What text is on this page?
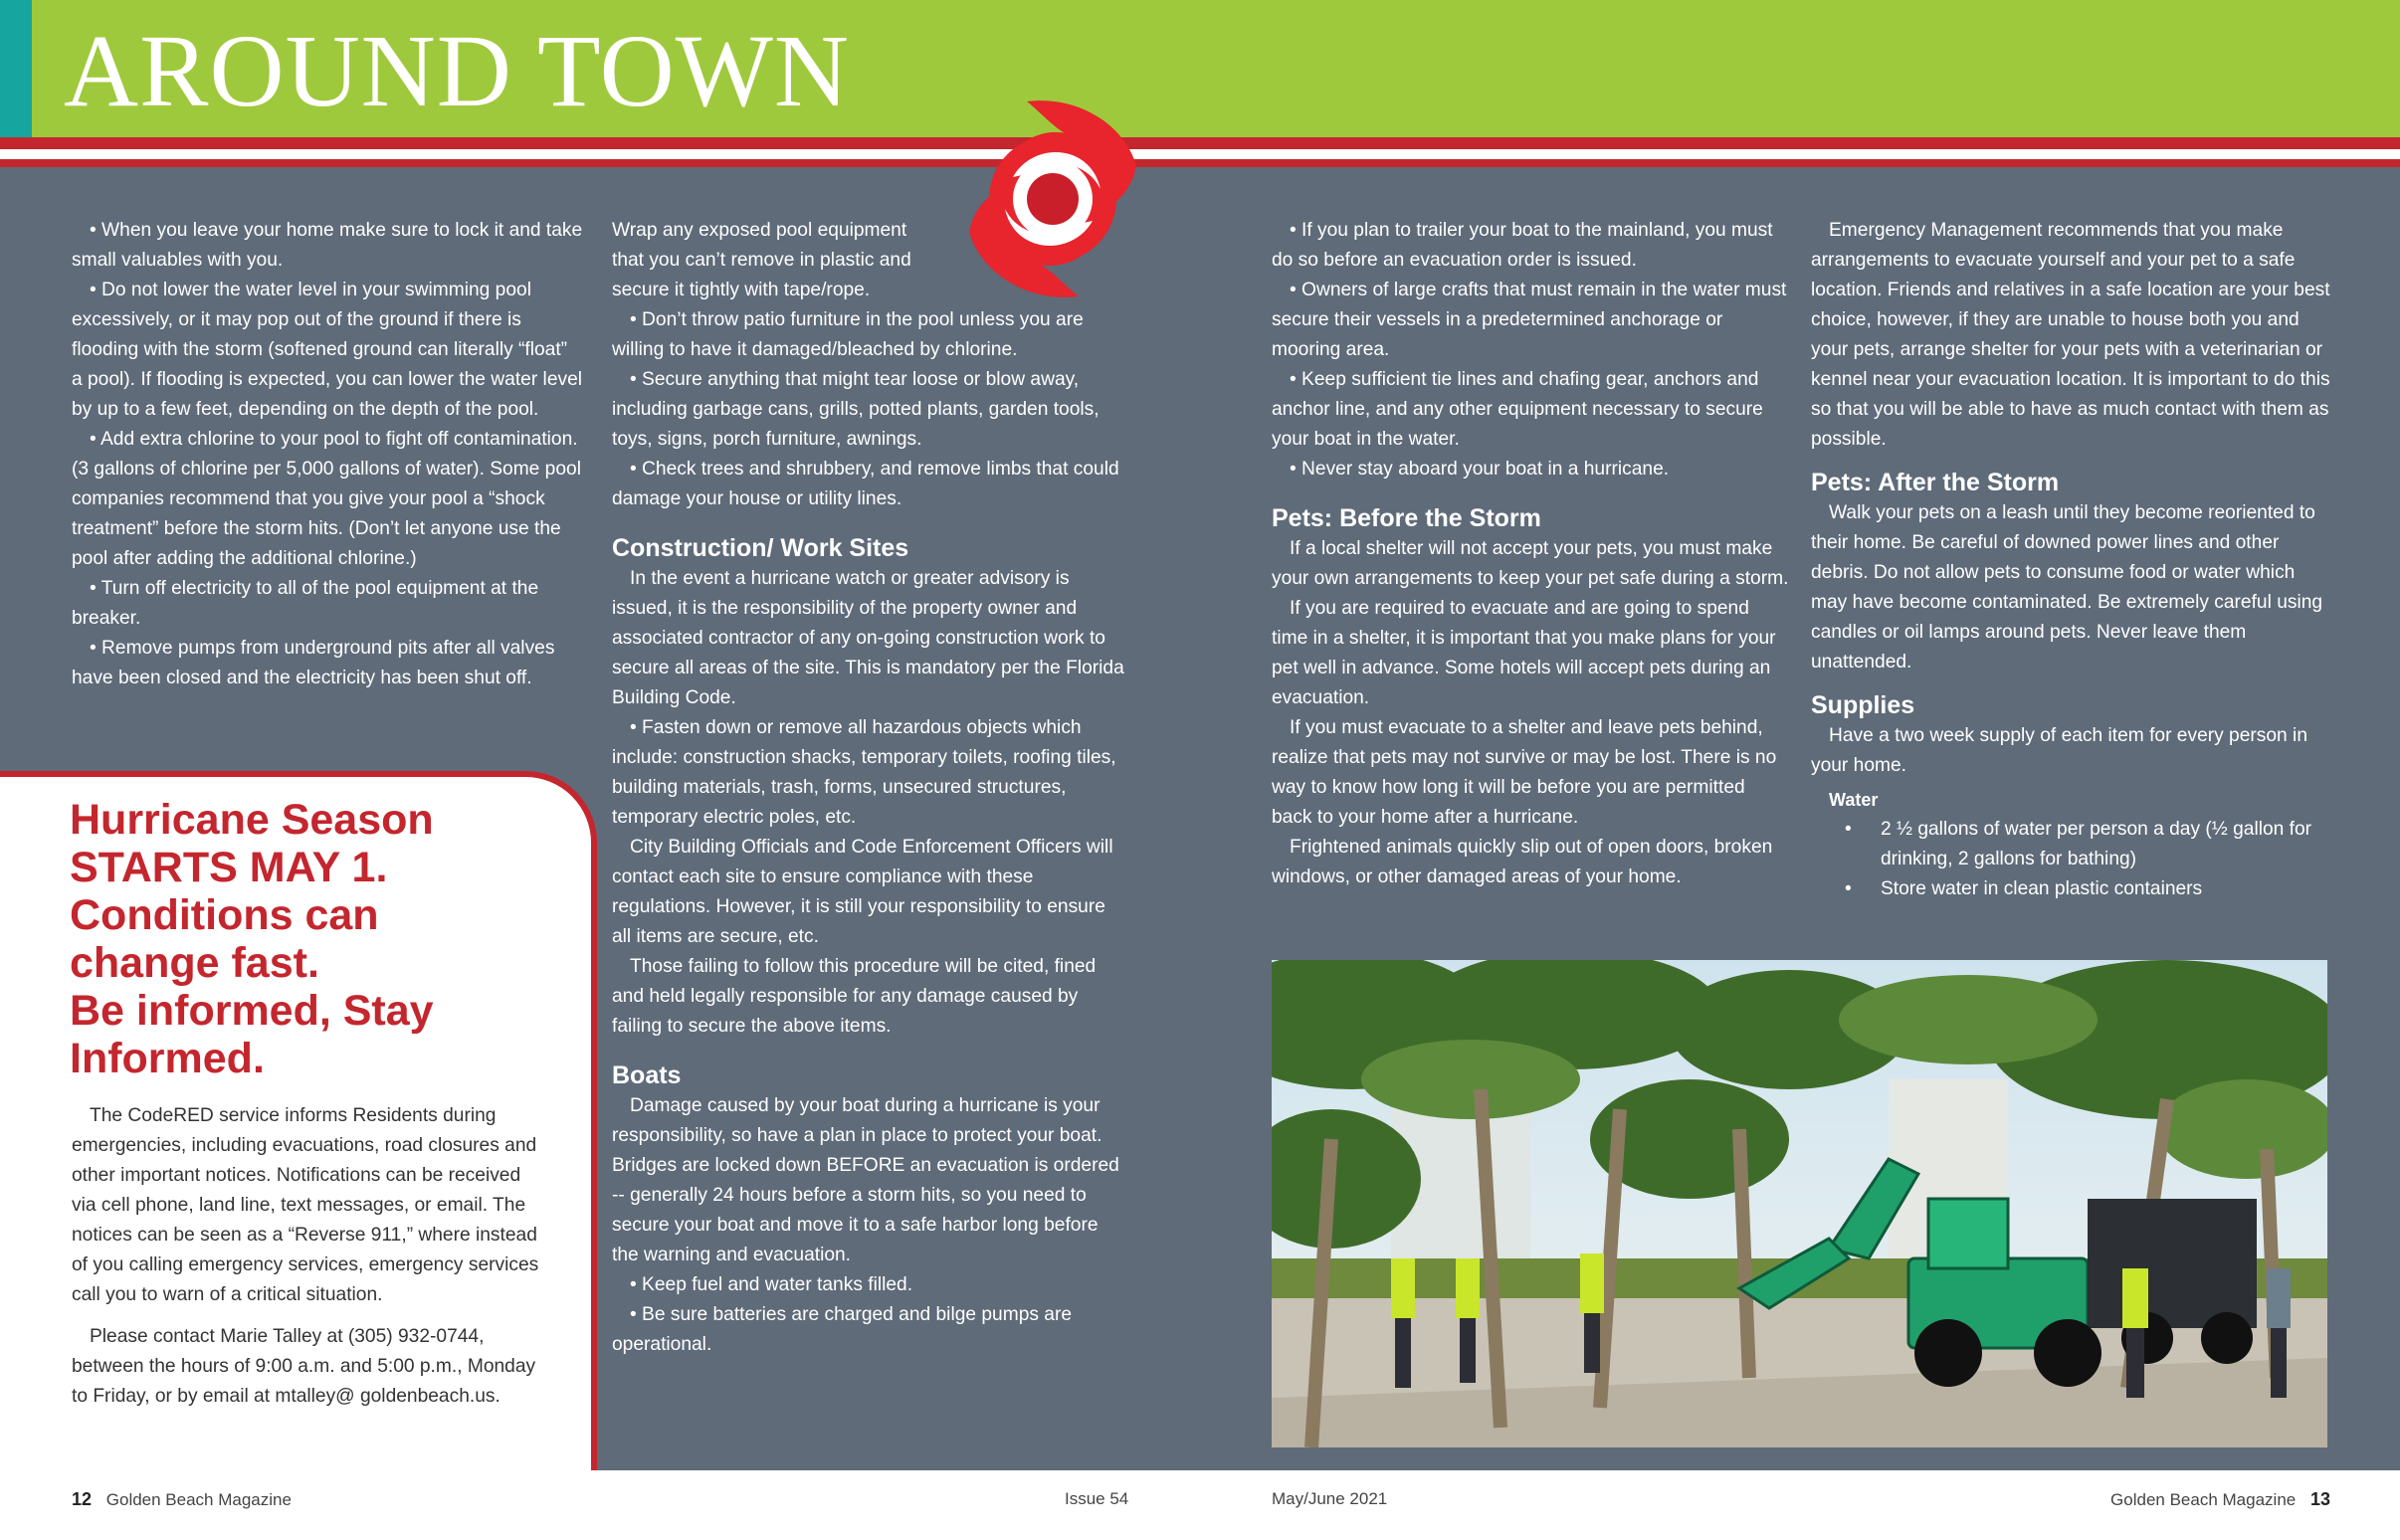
AROUND TOWN

• When you leave your home make sure to lock it and take small valuables with you.

• Do not lower the water level in your swimming pool excessively, or it may pop out of the ground if there is flooding with the storm (softened ground can literally “float” a pool). If flooding is expected, you can lower the water level by up to a few feet, depending on the depth of the pool.

• Add extra chlorine to your pool to fight off contamination. (3 gallons of chlorine per 5,000 gallons of water). Some pool companies recommend that you give your pool a “shock treatment” before the storm hits. (Don’t let anyone use the pool after adding the additional chlorine.)

• Turn off electricity to all of the pool equipment at the breaker.

• Remove pumps from underground pits after all valves have been closed and the electricity has been shut off.

Hurricane Season
STARTS MAY 1.
Conditions can
change fast.
Be informed, Stay
Informed.

The CodeRED service informs Residents during emergencies, including evacuations, road closures and other important notices. Notifications can be received via cell phone, land line, text messages, or email. The notices can be seen as a “Reverse 911,” where instead of you calling emergency services, emergency services call you to warn of a critical situation.

Please contact Marie Talley at (305) 932-0744, between the hours of 9:00 a.m. and 5:00 p.m., Monday to Friday, or by email at mtalley@ goldenbeach.us.

Wrap any exposed pool equipment

that you can’t remove in plastic and

secure it tightly with tape/rope.

• Don’t throw patio furniture in the pool unless you are willing to have it damaged/bleached by chlorine.

• Secure anything that might tear loose or blow away, including garbage cans, grills, potted plants, garden tools, toys, signs, porch furniture, awnings.

• Check trees and shrubbery, and remove limbs that could damage your house or utility lines.

Construction/ Work Sites

In the event a hurricane watch or greater advisory is issued, it is the responsibility of the property owner and associated contractor of any on-going construction work to secure all areas of the site. This is mandatory per the Florida Building Code.

• Fasten down or remove all hazardous objects which include: construction shacks, temporary toilets, roofing tiles, building materials, trash, forms, unsecured structures, temporary electric poles, etc.

City Building Officials and Code Enforcement Officers will contact each site to ensure compliance with these regulations. However, it is still your responsibility to ensure all items are secure, etc.

Those failing to follow this procedure will be cited, fined and held legally responsible for any damage caused by failing to secure the above items.

Boats

Damage caused by your boat during a hurricane is your responsibility, so have a plan in place to protect your boat. Bridges are locked down BEFORE an evacuation is ordered -- generally 24 hours before a storm hits, so you need to secure your boat and move it to a safe harbor long before the warning and evacuation.

• Keep fuel and water tanks filled.

• Be sure batteries are charged and bilge pumps are operational.

• If you plan to trailer your boat to the mainland, you must do so before an evacuation order is issued.

• Owners of large crafts that must remain in the water must secure their vessels in a predetermined anchorage or mooring area.

• Keep sufficient tie lines and chafing gear, anchors and anchor line, and any other equipment necessary to secure your boat in the water.

• Never stay aboard your boat in a hurricane.

Pets: Before the Storm

If a local shelter will not accept your pets, you must make your own arrangements to keep your pet safe during a storm.

If you are required to evacuate and are going to spend time in a shelter, it is important that you make plans for your pet well in advance. Some hotels will accept pets during an evacuation.

If you must evacuate to a shelter and leave pets behind, realize that pets may not survive or may be lost. There is no way to know how long it will be before you are permitted back to your home after a hurricane.

Frightened animals quickly slip out of open doors, broken windows, or other damaged areas of your home.

Emergency Management recommends that you make arrangements to evacuate yourself and your pet to a safe location. Friends and relatives in a safe location are your best choice, however, if they are unable to house both you and your pets, arrange shelter for your pets with a veterinarian or kennel near your evacuation location. It is important to do this so that you will be able to have as much contact with them as possible.

Pets: After the Storm

Walk your pets on a leash until they become reoriented to their home. Be careful of downed power lines and other debris. Do not allow pets to consume food or water which may have become contaminated. Be extremely careful using candles or oil lamps around pets. Never leave them unattended.

Supplies

Have a two week supply of each item for every person in your home.

Water

•	2 ½ gallons of water per person a day (½ gallon for drinking, 2 gallons for bathing)
•	Store water in clean plastic containers
12 Golden Beach Magazine	Issue 54	May/June 2021	Golden Beach Magazine 13
